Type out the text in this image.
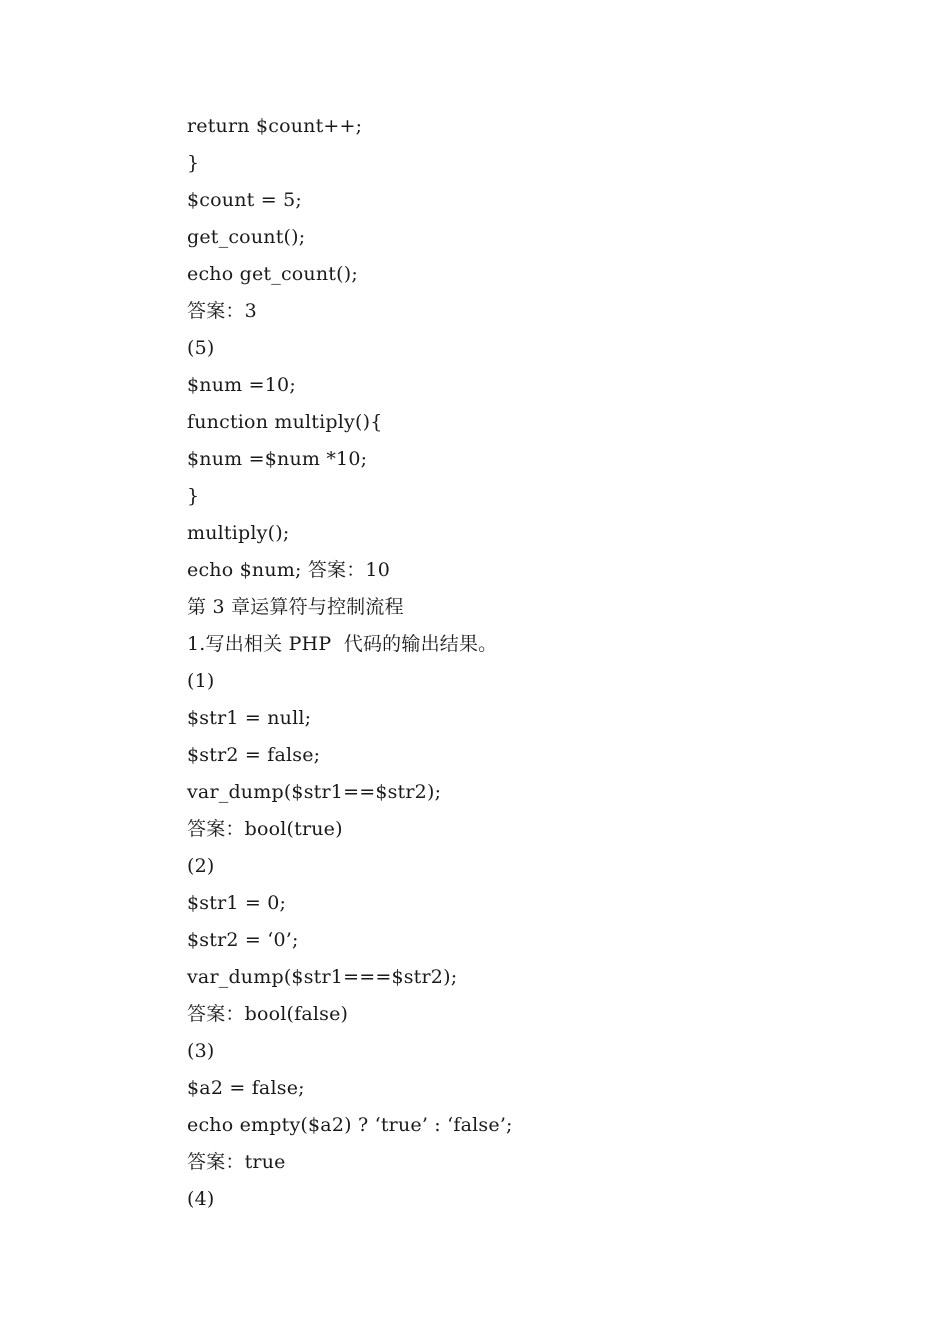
return $count++;
}
$count = 5;
get_count();
echo get_count();
答案：3
(5)
$num =10;
function multiply(){
$num =$num *10;
}
multiply();
echo $num; 答案：10
第 3 章运算符与控制流程
1.写出相关 PHP  代码的输出结果。
(1)
$str1 = null;
$str2 = false;
var_dump($str1==$str2);
答案：bool(true)
(2)
$str1 = 0;
$str2 = ‘0’;
var_dump($str1===$str2);
答案：bool(false)
(3)
$a2 = false;
echo empty($a2) ? ‘true’ : ‘false’;
答案：true
(4)
